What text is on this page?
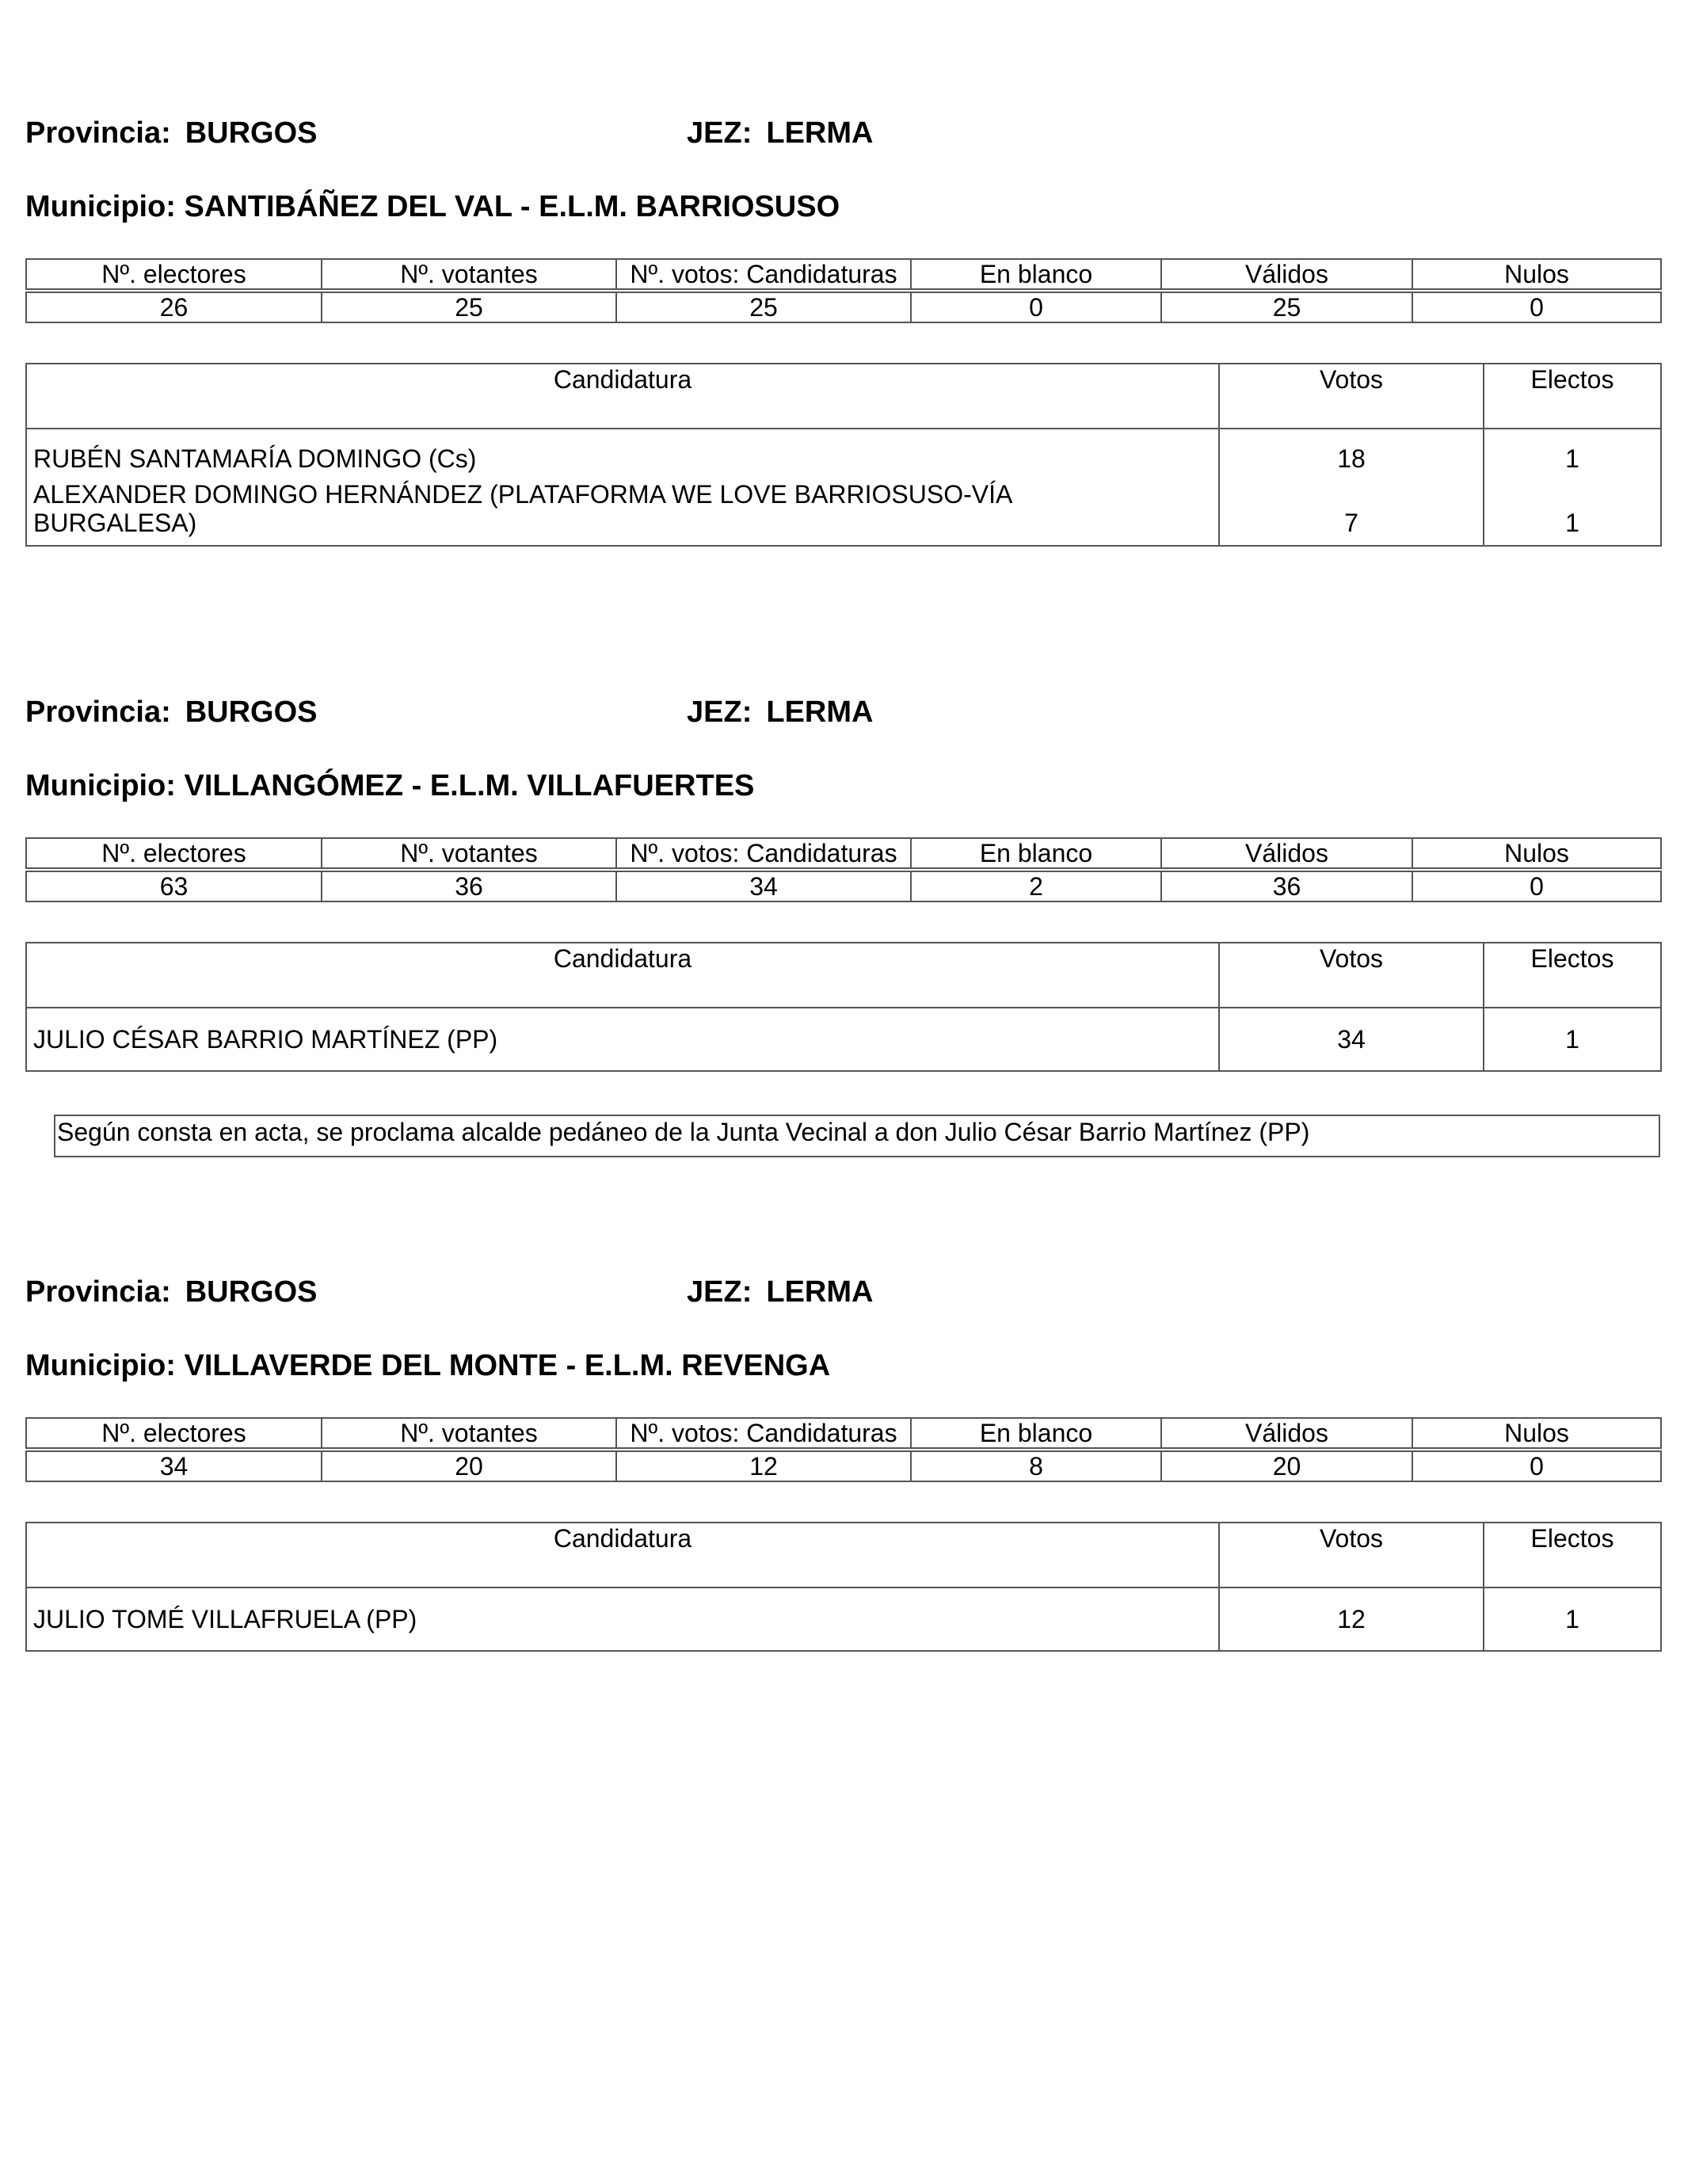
Provincia: BURGOS	JEZ: LERMA
Municipio: SANTIBÁÑEZ DEL VAL - E.L.M. BARRIOSUSO
Nº. electores	Nº. votantes	Nº. votos: Candidaturas	En blanco	Válidos	Nulos

26	25	25	0	25	0
Candidatura	Votos	Electos
RUBÉN SANTAMARÍA DOMINGO (Cs)	18	1
ALEXANDER DOMINGO HERNÁNDEZ (PLATAFORMA WE LOVE BARRIOSUSO-VÍA BURGALESA)	7	1
Provincia: BURGOS	JEZ: LERMA
Municipio: VILLANGÓMEZ - E.L.M. VILLAFUERTES
Nº. electores	Nº. votantes	Nº. votos: Candidaturas	En blanco	Válidos	Nulos

63	36	34	2	36	0
Candidatura	Votos	Electos
JULIO CÉSAR BARRIO MARTÍNEZ (PP)	34	1
Según consta en acta, se proclama alcalde pedáneo de la Junta Vecinal a don Julio César Barrio Martínez (PP)
Provincia: BURGOS	JEZ: LERMA
Municipio: VILLAVERDE DEL MONTE - E.L.M. REVENGA
Nº. electores	Nº. votantes	Nº. votos: Candidaturas	En blanco	Válidos	Nulos

34	20	12	8	20	0
Candidatura	Votos	Electos
JULIO TOMÉ VILLAFRUELA (PP)	12	1
